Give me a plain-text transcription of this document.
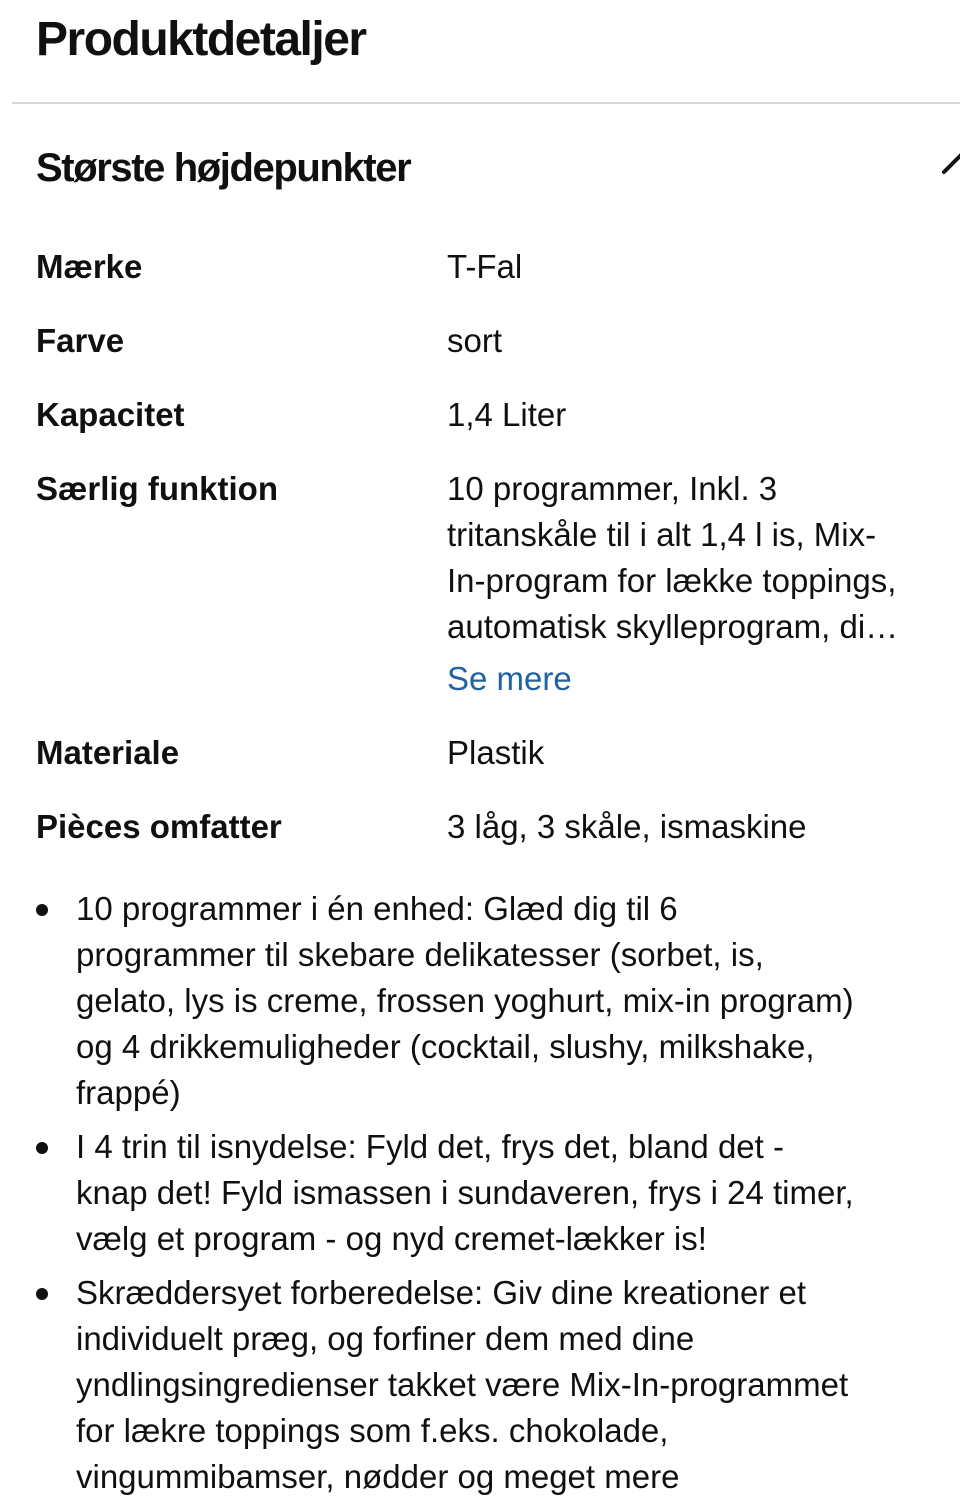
Produktdetaljer
Største højdepunkter
Mærke	T-Fal
Farve	sort
Kapacitet	1,4 Liter
Særlig funktion	10 programmer, Inkl. 3
tritanskåle til i alt 1,4 l is, Mix-
In-program for lække toppings,
automatisk skylleprogram, di…
Se mere
Materiale	Plastik
Pièces omfatter	3 låg, 3 skåle, ismaskine
10 programmer i én enhed: Glæd dig til 6
programmer til skebare delikatesser (sorbet, is,
gelato, lys is creme, frossen yoghurt, mix-in program)
og 4 drikkemuligheder (cocktail, slushy, milkshake,
frappé)
I 4 trin til isnydelse: Fyld det, frys det, bland det -
knap det! Fyld ismassen i sundaveren, frys i 24 timer,
vælg et program - og nyd cremet-lækker is!
Skræddersyet forberedelse: Giv dine kreationer et
individuelt præg, og forfiner dem med dine
yndlingsingredienser takket være Mix-In-programmet
for lækre toppings som f.eks. chokolade,
vingummibamser, nødder og meget mere
